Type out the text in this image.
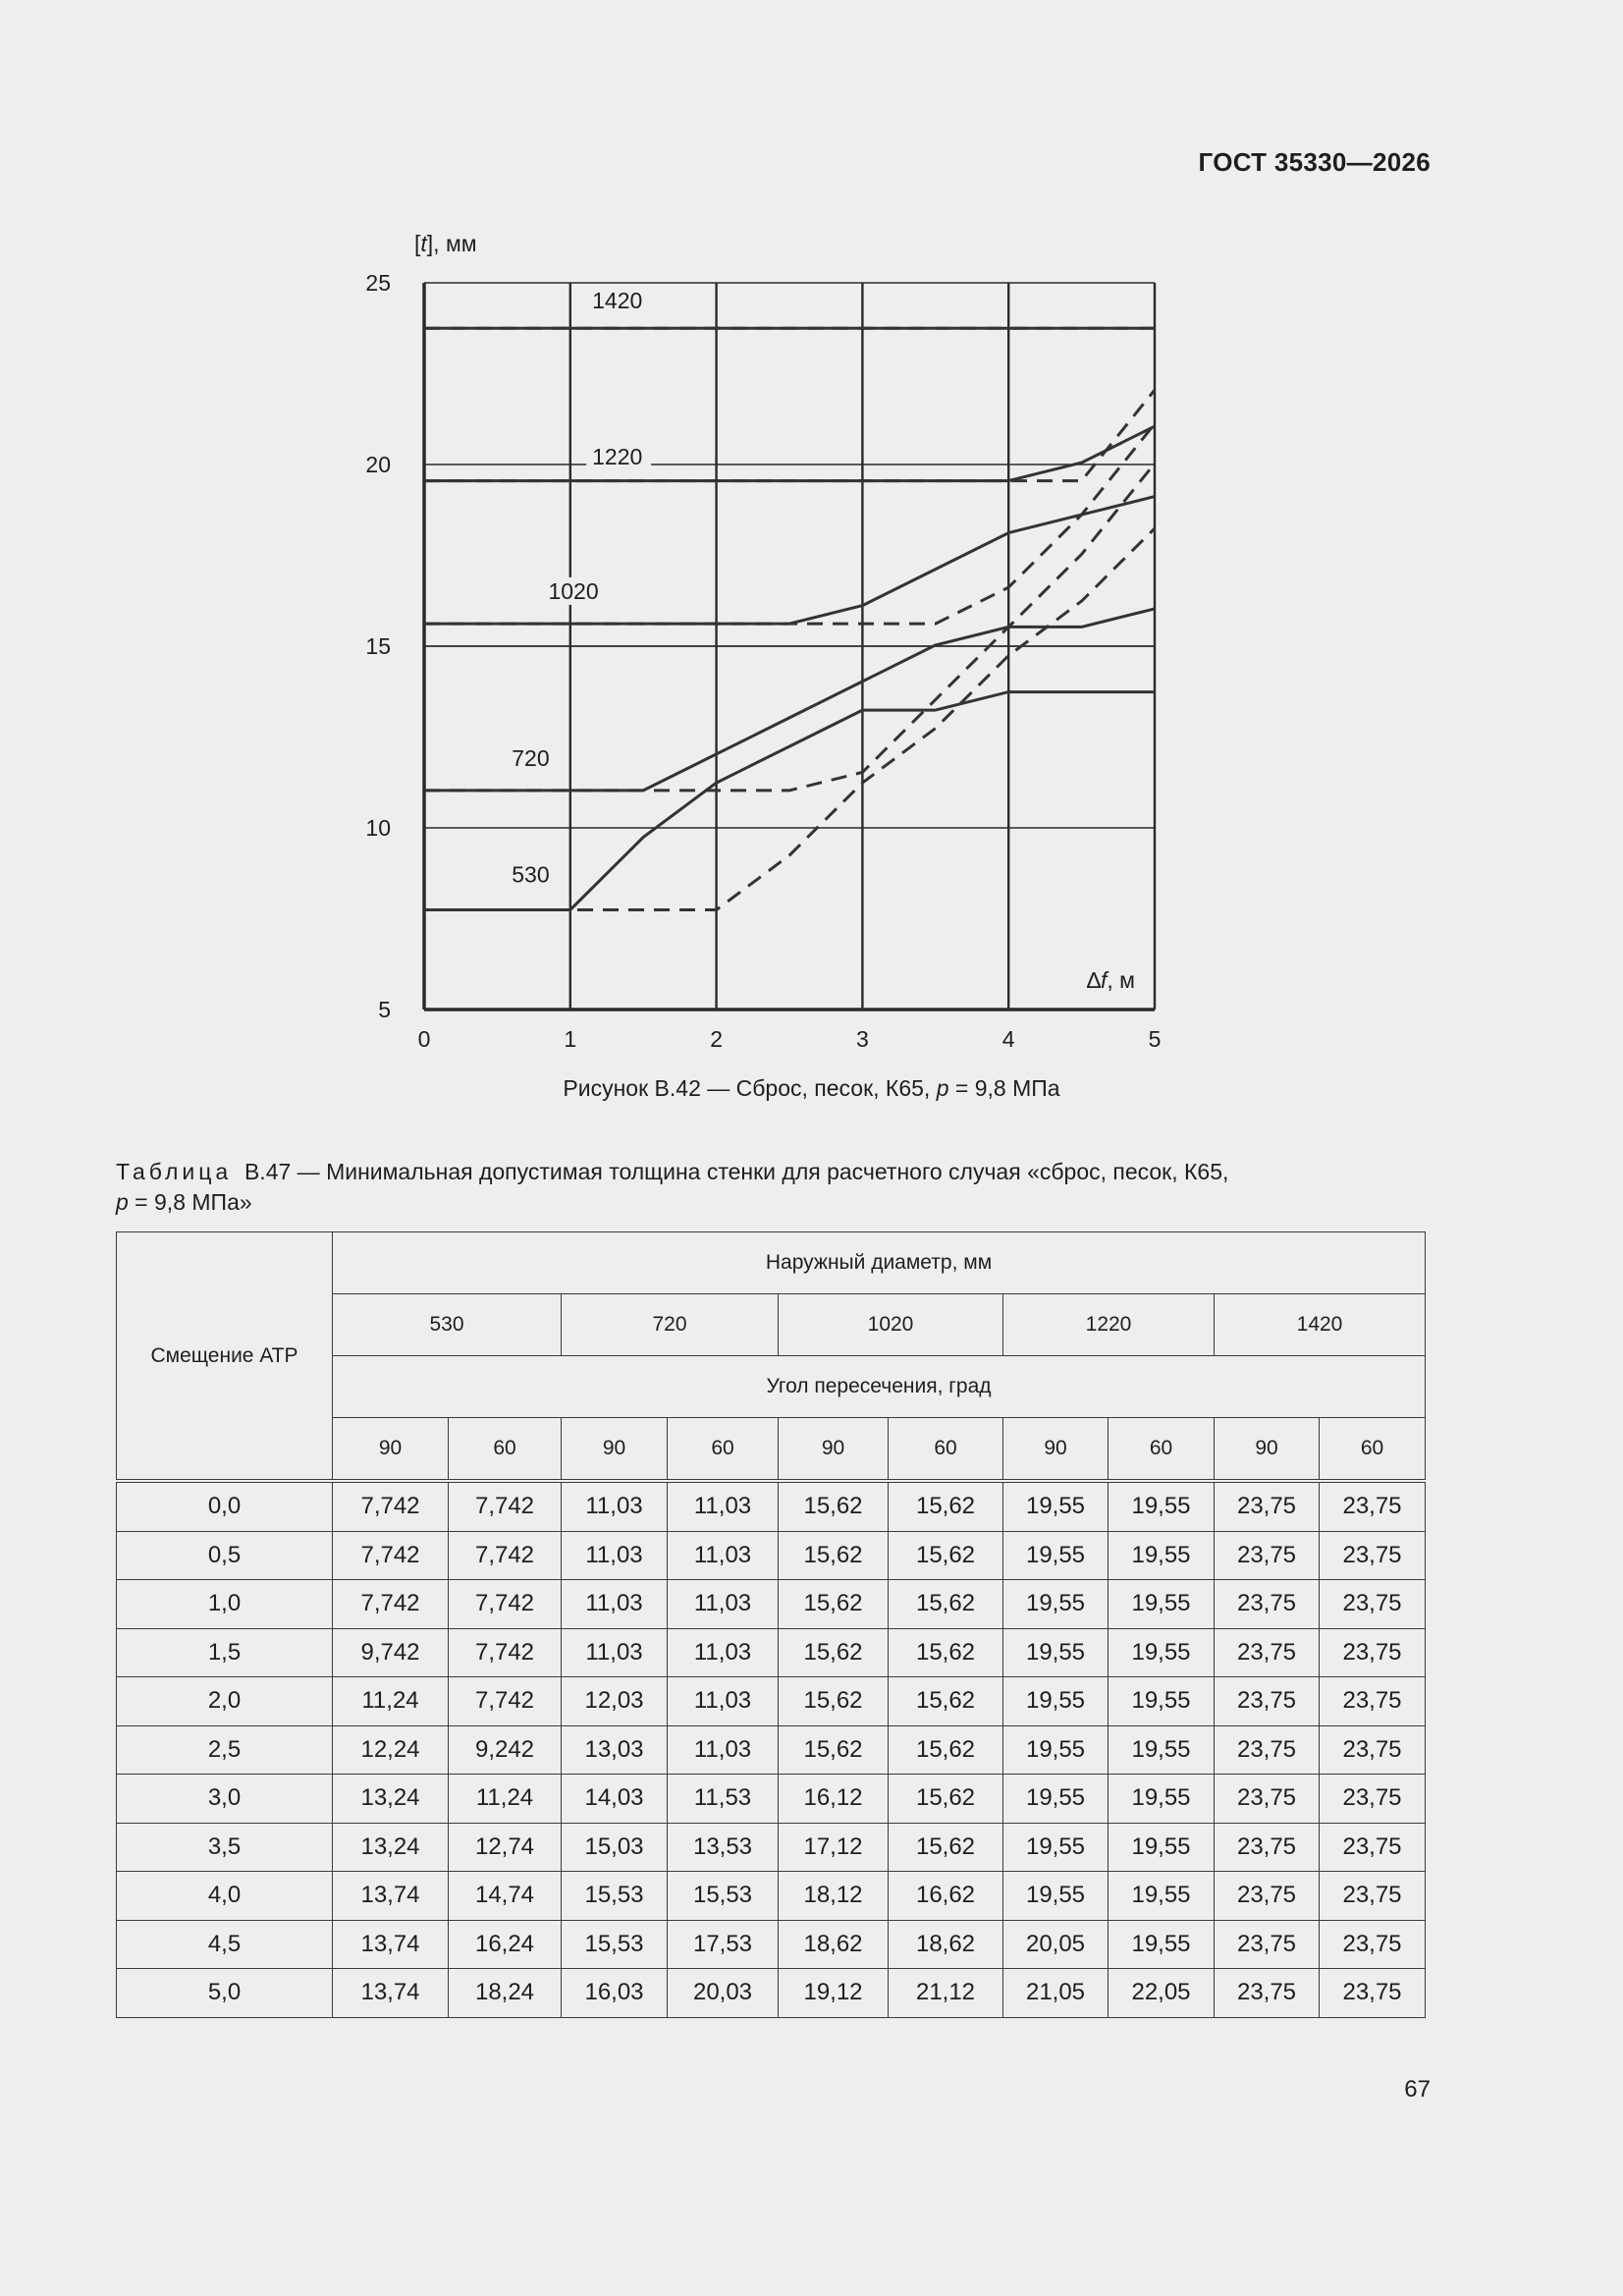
ГОСТ 35330—2026
0	1	2	3	4	5
5
10
15
20
25
[t], мм
∆f, м
530
720
1020
1220
1420
Рисунок В.42 — Сброс, песок, К65, p = 9,8 МПа
Таблица В.47 — Минимальная допустимая толщина стенки для расчетного случая «сброс, песок, К65,
p = 9,8 МПа»
Смещение АТР	Наружный диаметр, мм									
	530		720		1020		1220		1420	
	Угол пересечения, град									
	90	60	90	60	90	60	90	60	90	60
0,0	7,742	7,742	11,03	11,03	15,62	15,62	19,55	19,55	23,75	23,75
0,5	7,742	7,742	11,03	11,03	15,62	15,62	19,55	19,55	23,75	23,75
1,0	7,742	7,742	11,03	11,03	15,62	15,62	19,55	19,55	23,75	23,75
1,5	9,742	7,742	11,03	11,03	15,62	15,62	19,55	19,55	23,75	23,75
2,0	11,24	7,742	12,03	11,03	15,62	15,62	19,55	19,55	23,75	23,75
2,5	12,24	9,242	13,03	11,03	15,62	15,62	19,55	19,55	23,75	23,75
3,0	13,24	11,24	14,03	11,53	16,12	15,62	19,55	19,55	23,75	23,75
3,5	13,24	12,74	15,03	13,53	17,12	15,62	19,55	19,55	23,75	23,75
4,0	13,74	14,74	15,53	15,53	18,12	16,62	19,55	19,55	23,75	23,75
4,5	13,74	16,24	15,53	17,53	18,62	18,62	20,05	19,55	23,75	23,75
5,0	13,74	18,24	16,03	20,03	19,12	21,12	21,05	22,05	23,75	23,75
67
